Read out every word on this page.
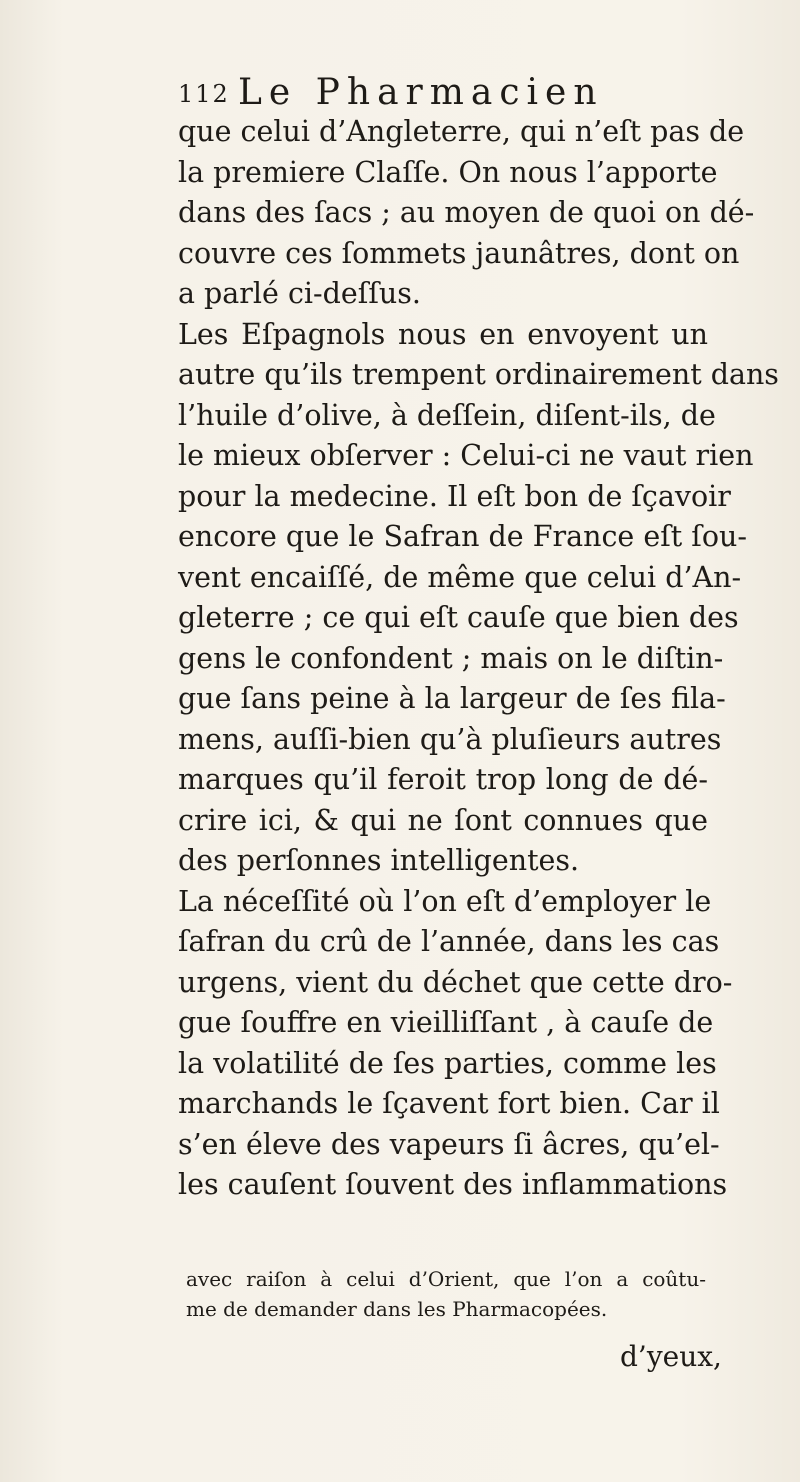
112 Le Pharmacien
que celui d’Angleterre, qui n’eſt pas de
la premiere Claſſe. On nous l’apporte
dans des ſacs ; au moyen de quoi on dé-
couvre ces ſommets jaunâtres, dont on
a parlé ci-deſſus.
Les Eſpagnols nous en envoyent un
autre qu’ils trempent ordinairement dans
l’huile d’olive, à deſſein, diſent-ils, de
le mieux obſerver : Celui-ci ne vaut rien
pour la medecine. Il eſt bon de ſçavoir
encore que le Safran de France eſt ſou-
vent encaiſſé, de même que celui d’An-
gleterre ; ce qui eſt cauſe que bien des
gens le confondent ; mais on le diſtin-
gue ſans peine à la largeur de ſes fila-
mens, auſſi-bien qu’à pluſieurs autres
marques qu’il feroit trop long de dé-
crire ici, & qui ne ſont connues que
des perſonnes intelligentes.
La néceſſité où l’on eſt d’employer le
ſafran du crû de l’année, dans les cas
urgens, vient du déchet que cette dro-
gue ſouffre en vieilliſſant , à cauſe de
la volatilité de ſes parties, comme les
marchands le ſçavent fort bien. Car il
s’en éleve des vapeurs ſi âcres, qu’el-
les cauſent ſouvent des inflammations
avec raiſon à celui d’Orient, que l’on a coûtu-
me de demander dans les Pharmacopées.
d’yeux,
